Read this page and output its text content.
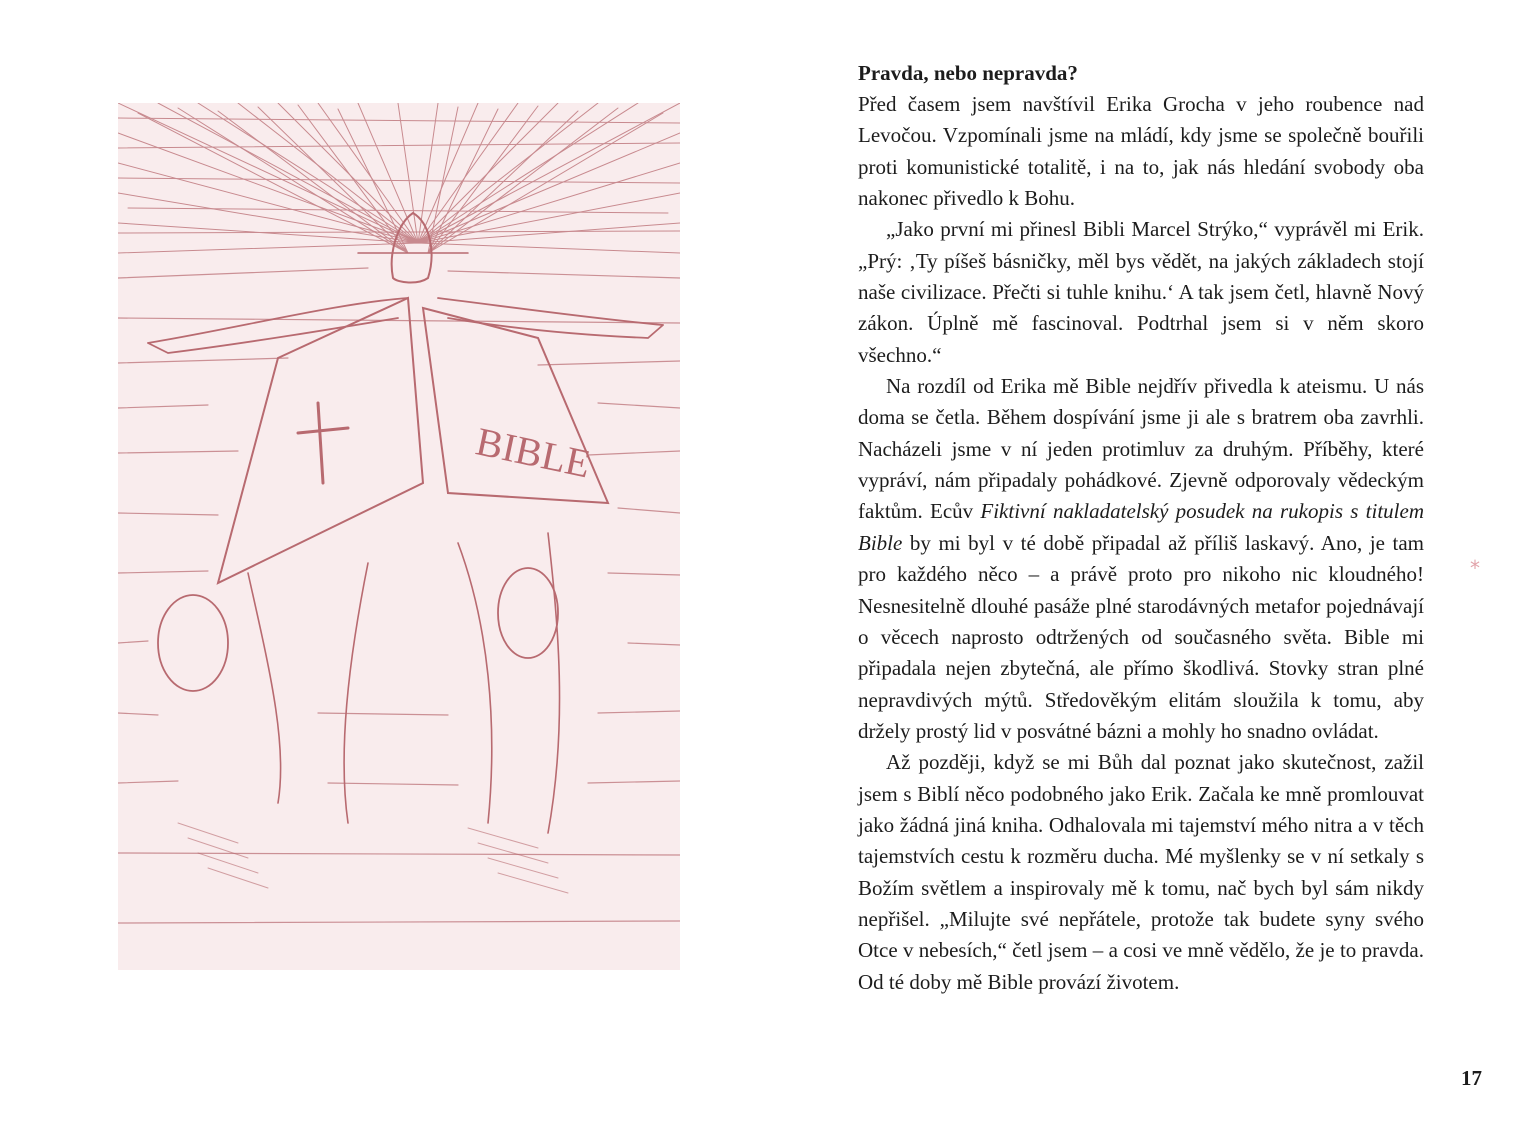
BIBLE
Pravda, nebo nepravda?

Před časem jsem navštívil Erika Grocha v jeho roubence nad Levočou. Vzpomínali jsme na mládí, kdy jsme se společně bouřili proti komunistické totalitě, i na to, jak nás hledání svobody oba nakonec přivedlo k Bohu.

„Jako první mi přinesl Bibli Marcel Strýko,“ vyprávěl mi Erik. „Prý: ‚Ty píšeš básničky, měl bys vědět, na jakých základech stojí naše civilizace. Přečti si tuhle knihu.‘ A tak jsem četl, hlavně Nový zákon. Úplně mě fascinoval. Podtrhal jsem si v něm skoro všechno.“

Na rozdíl od Erika mě Bible nejdřív přivedla k ateismu. U nás doma se četla. Během dospívání jsme ji ale s bratrem oba zavrhli. Nacházeli jsme v ní jeden protimluv za druhým. Příběhy, které vypráví, nám připadaly pohádkové. Zjevně odporovaly vědeckým faktům. Ecův Fiktivní nakladatelský posudek na rukopis s titulem Bible by mi byl v té době připadal až příliš laskavý. Ano, je tam pro každého něco – a právě proto pro nikoho nic kloudného! Nesnesitelně dlouhé pasáže plné starodávných metafor pojednávají o věcech naprosto odtržených od současného světa. Bible mi připadala nejen zbytečná, ale přímo škodlivá. Stovky stran plné nepravdivých mýtů. Středověkým elitám sloužila k tomu, aby držely prostý lid v posvátné bázni a mohly ho snadno ovládat.

Až později, když se mi Bůh dal poznat jako skutečnost, zažil jsem s Biblí něco podobného jako Erik. Začala ke mně promlouvat jako žádná jiná kniha. Odhalovala mi tajemství mého nitra a v těch tajemstvích cestu k rozměru ducha. Mé myšlenky se v ní setkaly s Božím světlem a inspirovaly mě k tomu, nač bych byl sám nikdy nepřišel. „Milujte své nepřátele, protože tak budete syny svého Otce v nebesích,“ četl jsem – a cosi ve mně vědělo, že je to pravda. Od té doby mě Bible provází životem.

*
17
